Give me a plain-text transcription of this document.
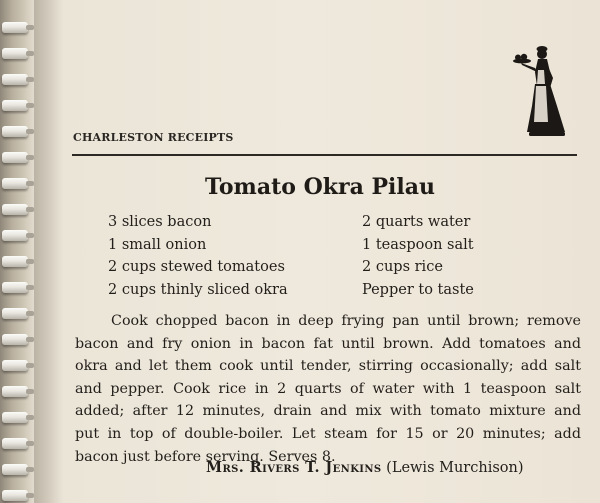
CHARLESTON RECEIPTS
Tomato Okra Pilau
3 slices bacon
1 small onion
2 cups stewed tomatoes
2 cups thinly sliced okra
2 quarts water
1 teaspoon salt
2 cups rice
Pepper to taste
Cook chopped bacon in deep frying pan until brown; remove
bacon and fry onion in bacon fat until brown. Add tomatoes and
okra and let them cook until tender, stirring occasionally; add salt
and pepper. Cook rice in 2 quarts of water with 1 teaspoon salt
added; after 12 minutes, drain and mix with tomato mixture and
put in top of double-boiler. Let steam for 15 or 20 minutes; add
bacon just before serving. Serves 8.
Mrs. Rivers T. Jenkins (Lewis Murchison)
